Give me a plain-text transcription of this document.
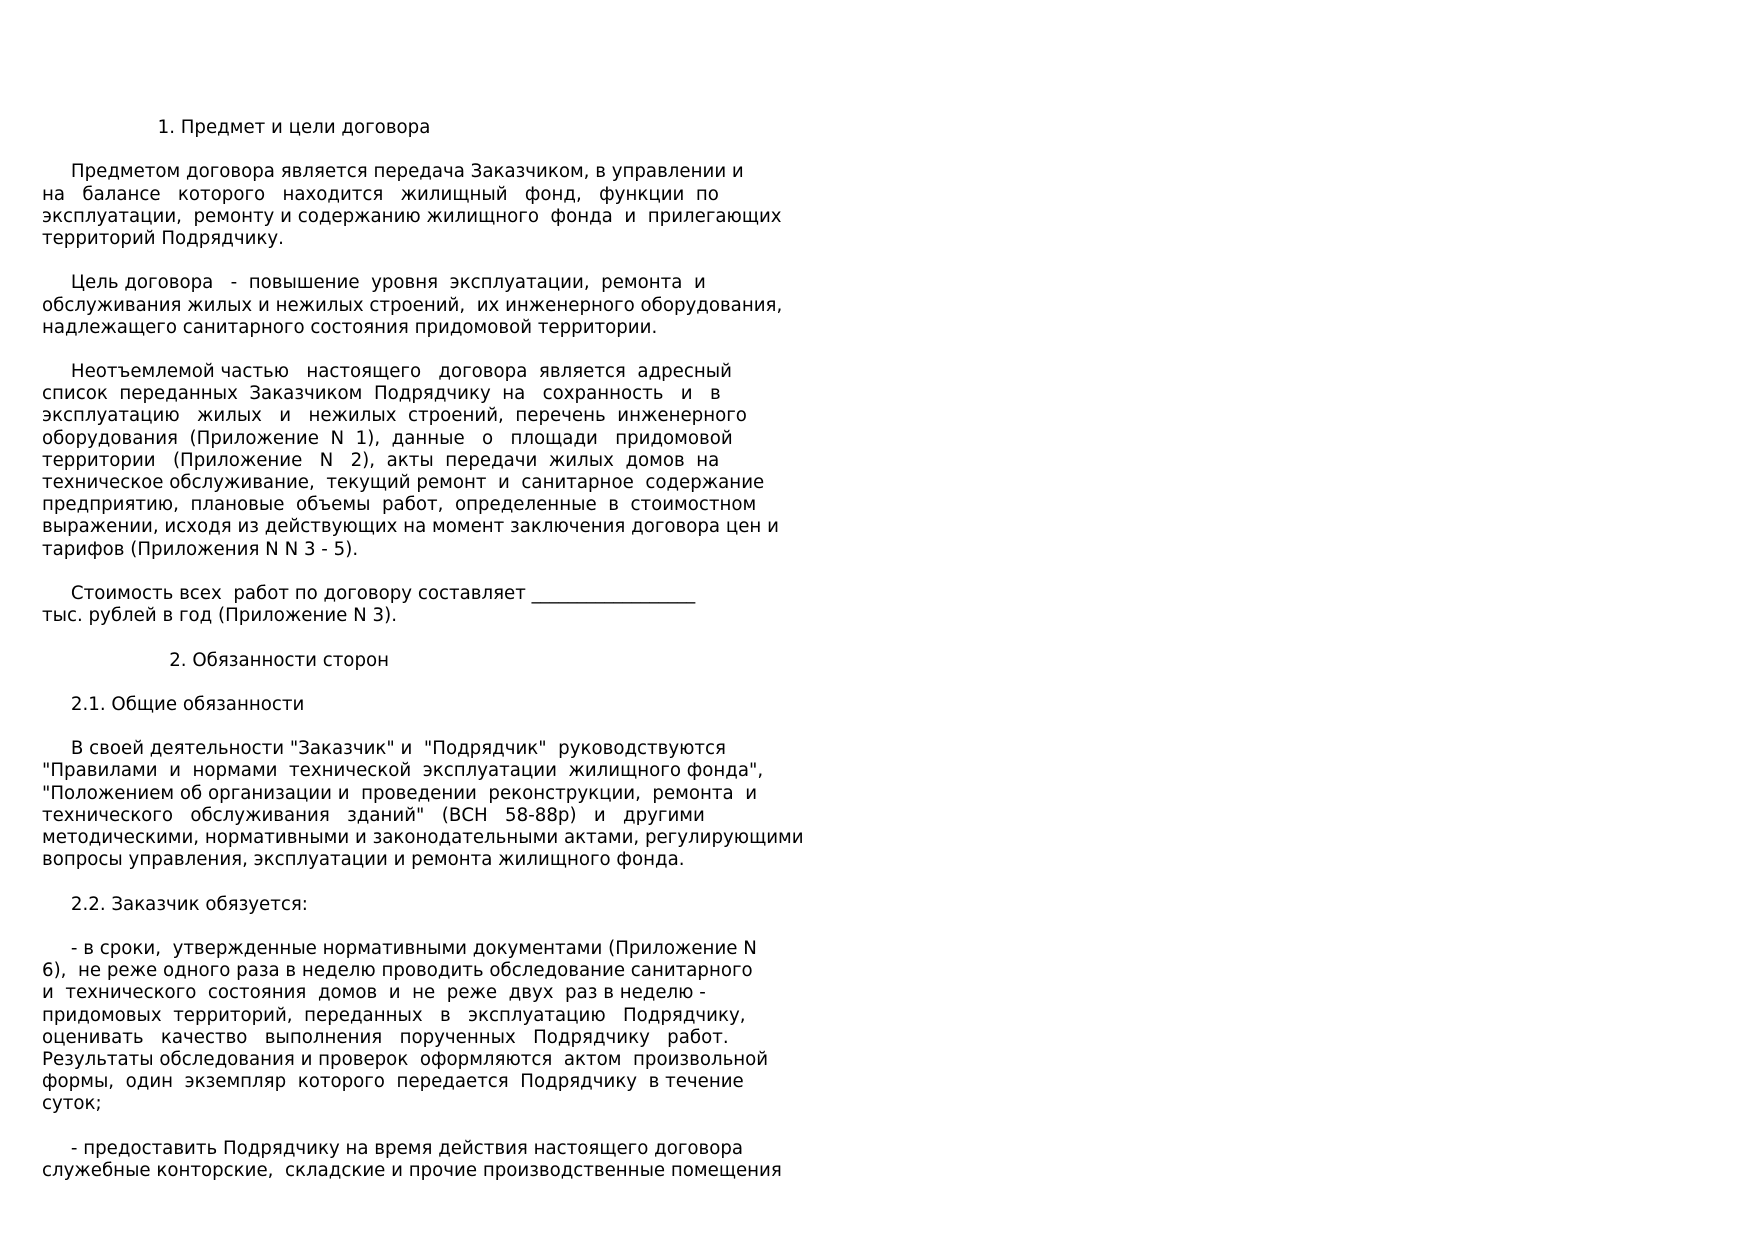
1. Предмет и цели договора
Предметом договора является передача Заказчиком, в управлении и
на   балансе   которого   находится   жилищный   фонд,   функции  по
эксплуатации,  ремонту и содержанию жилищного  фонда  и  прилегающих
территорий Подрядчику.
Цель договора   -  повышение  уровня  эксплуатации,  ремонта  и
обслуживания жилых и нежилых строений,  их инженерного оборудования,
надлежащего санитарного состояния придомовой территории.
Неотъемлемой частью   настоящего   договора  является  адресный
список  переданных  Заказчиком  Подрядчику  на   сохранность   и   в
эксплуатацию   жилых   и   нежилых  строений,  перечень  инженерного
оборудования  (Приложение  N  1),  данные   о   площади   придомовой
территории   (Приложение   N   2),  акты  передачи  жилых  домов  на
техническое обслуживание,  текущий ремонт  и  санитарное  содержание
предприятию,  плановые  объемы  работ,  определенные  в  стоимостном
выражении, исходя из действующих на момент заключения договора цен и
тарифов (Приложения N N 3 - 5).
Стоимость всех  работ по договору составляет __________________
тыс. рублей в год (Приложение N 3).
2. Обязанности сторон
2.1. Общие обязанности
В своей деятельности "Заказчик" и  "Подрядчик"  руководствуются
"Правилами  и  нормами  технической  эксплуатации  жилищного фонда",
"Положением об организации и  проведении  реконструкции,  ремонта  и
технического   обслуживания   зданий"   (ВСН   58-88р)   и   другими
методическими, нормативными и законодательными актами, регулирующими
вопросы управления, эксплуатации и ремонта жилищного фонда.
2.2. Заказчик обязуется:
- в сроки,  утвержденные нормативными документами (Приложение N
6),  не реже одного раза в неделю проводить обследование санитарного
и  технического  состояния  домов  и  не  реже  двух  раз в неделю -
придомовых  территорий,  переданных   в   эксплуатацию   Подрядчику,
оценивать   качество   выполнения   порученных   Подрядчику   работ.
Результаты обследования и проверок  оформляются  актом  произвольной
формы,  один  экземпляр  которого  передается  Подрядчику  в течение
суток;
- предоставить Подрядчику на время действия настоящего договора
служебные конторские,  складские и прочие производственные помещения
